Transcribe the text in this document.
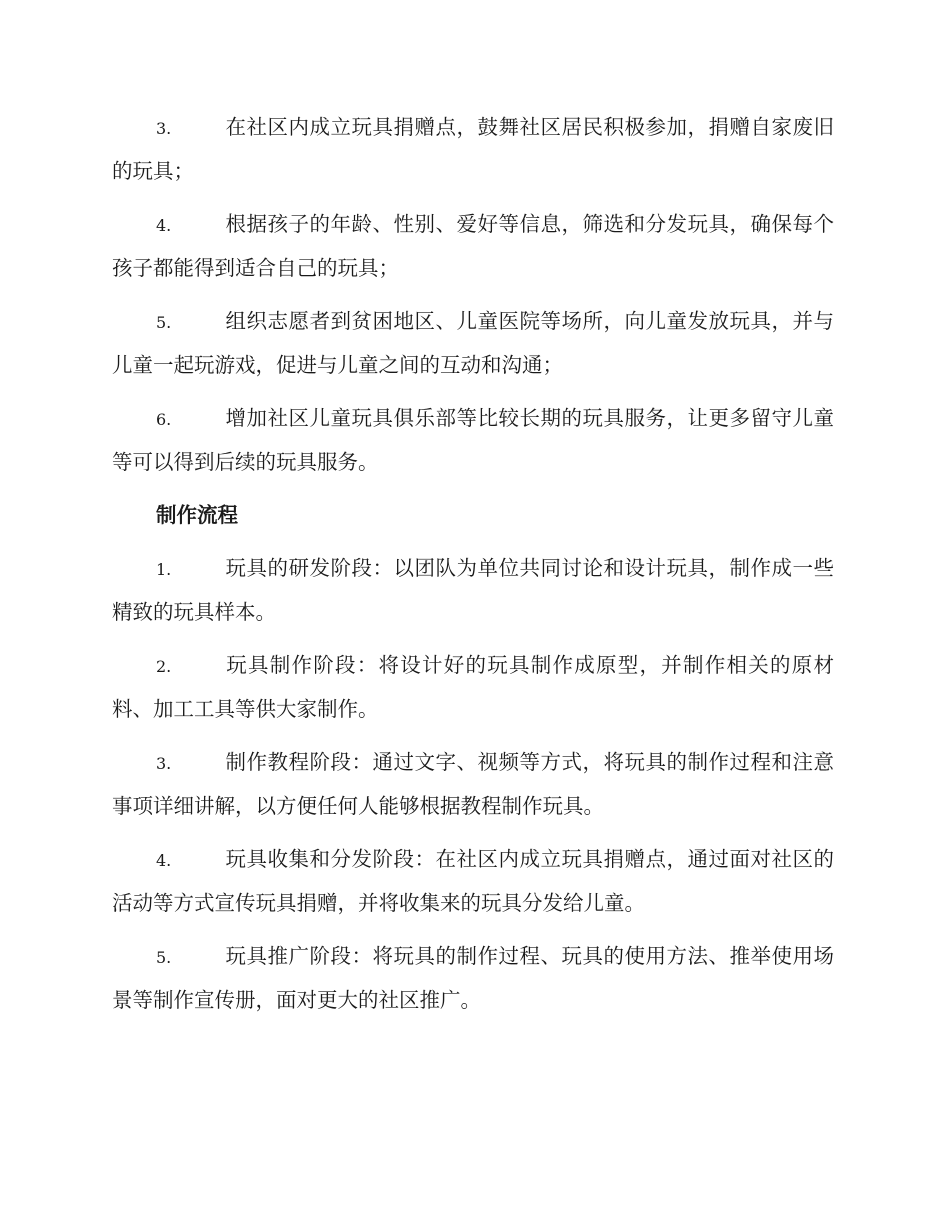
3.	在社区内成立玩具捐赠点，鼓舞社区居民积极参加，捐赠自家废旧的玩具；

4.	根据孩子的年龄、性别、爱好等信息，筛选和分发玩具，确保每个孩子都能得到适合自己的玩具；

5.	组织志愿者到贫困地区、儿童医院等场所，向儿童发放玩具，并与儿童一起玩游戏，促进与儿童之间的互动和沟通；

6.	增加社区儿童玩具俱乐部等比较长期的玩具服务，让更多留守儿童等可以得到后续的玩具服务。

制作流程

1.	玩具的研发阶段：以团队为单位共同讨论和设计玩具，制作成一些精致的玩具样本。

2.	玩具制作阶段：将设计好的玩具制作成原型，并制作相关的原材料、加工工具等供大家制作。

3.	制作教程阶段：通过文字、视频等方式，将玩具的制作过程和注意事项详细讲解，以方便任何人能够根据教程制作玩具。

4.	玩具收集和分发阶段：在社区内成立玩具捐赠点，通过面对社区的活动等方式宣传玩具捐赠，并将收集来的玩具分发给儿童。

5.	玩具推广阶段：将玩具的制作过程、玩具的使用方法、推举使用场景等制作宣传册，面对更大的社区推广。
